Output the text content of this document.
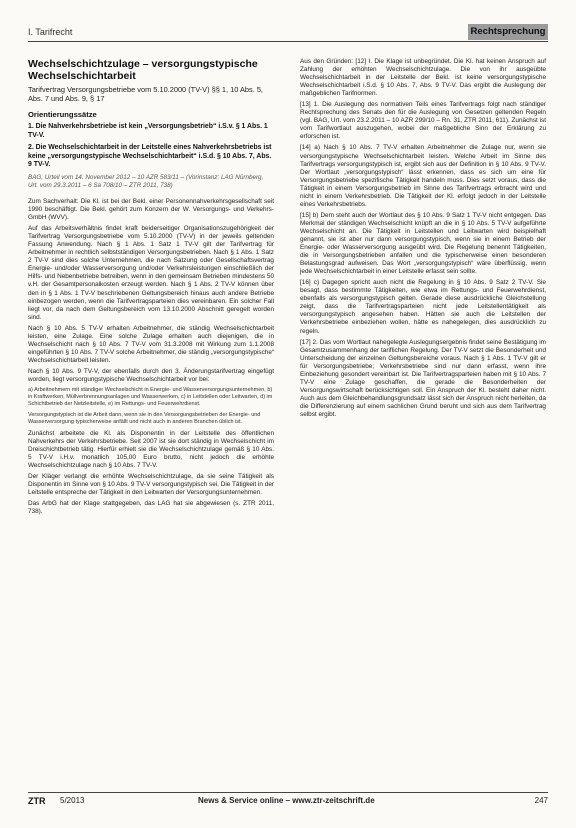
I. Tarifrecht	Rechtsprechung
Wechselschichtzulage – versorgungstypische Wechselschichtarbeit
Tarifvertrag Versorgungsbetriebe vom 5.10.2000 (TV-V) §§ 1, 10 Abs. 5, Abs. 7 und Abs. 9, § 17
Orientierungssätze
1. Die Nahverkehrsbetriebe ist kein „Versorgungsbetrieb“ i.S.v. § 1 Abs. 1 TV-V.
2. Die Wechselschichtarbeit in der Leitstelle eines Nahverkehrsbetriebs ist keine „versorgungstypische Wechselschichtarbeit“ i.S.d. § 10 Abs. 7, Abs. 9 TV-V.
BAG, Urteil vom 14. November 2012 – 10 AZR 583/11 – (Vorinstanz: LAG Nürnberg, Urt. vom 29.3.2011 – 6 Sa 708/10 – ZTR 2011, 738)

Zum Sachverhalt: Die Kl. ist bei der Bekl. einer Personennahverkehrsgesellschaft seit 1990 beschäftigt. Die Bekl. gehört zum Konzern der W. Versorgungs- und Verkehrs-GmbH (WVV).

Auf das Arbeitsverhältnis findet kraft beiderseitiger Organisationszugehörigkeit der Tarifvertrag Versorgungsbetriebe vom 5.10.2000 (TV-V) in der jeweils geltenden Fassung Anwendung. Nach § 1 Abs. 1 Satz 1 TV-V gilt der Tarifvertrag für Arbeitnehmer in rechtlich selbstständigen Versorgungsbetrieben. Nach § 1 Abs. 1 Satz 2 TV-V sind dies solche Unternehmen, die nach Satzung oder Gesellschaftsvertrag Energie- und/oder Wasserversorgung und/oder Verkehrsleistungen einschließlich der Hilfs- und Nebenbetriebe betreiben, wenn in den gemeinsam Betrieben mindestens 50 v.H. der Gesamtpersonalkosten erzeugt werden. Nach § 1 Abs. 2 TV-V können über den in § 1 Abs. 1 TV-V beschriebenen Geltungsbereich hinaus auch andere Betriebe einbezogen werden, wenn die Tarifvertragsparteien dies vereinbaren. Ein solcher Fall liegt vor, da nach dem Geltungsbereich vom 13.10.2000 Abschnitt geregelt worden sind.

Nach § 10 Abs. 5 TV-V erhalten Arbeitnehmer, die ständig Wechselschichtarbeit leisten, eine Zulage. Eine solche Zulage erhalten auch diejenigen, die in Wechselschicht nach § 10 Abs. 7 TV-V vom 31.3.2008 mit Wirkung zum 1.1.2008 eingeführten § 10 Abs. 7 TV-V solche Arbeitnehmer, die ständig „versorgungstypische“ Wechselschichtarbeit leisten.

Nach § 10 Abs. 9 TV-V, der ebenfalls durch den 3. Änderungstarifvertrag eingefügt worden, liegt versorgungstypische Wechselschichtarbeit vor bei:

a) Arbeitnehmern mit ständiger Wechselschicht in Energie- und Wasserversorgungsunternehmen, b) in Kraftwerken, Müllverbrennungsanlagen und Wasserwerken, c) in Leitstellen oder Leitwarten, d) im Schichtbetrieb der Netzleitstelle, e) im Rettungs- und Feuerwehrdienst.
Versorgungstypisch ist die Arbeit dann, wenn sie in den Versorgungsbetrieben der Energie- und Wasserversorgung typischerweise anfällt und nicht auch in anderen Branchen üblich ist.

Zunächst arbeitete die Kl. als Disponentin in der Leitstelle des öffentlichen Nahverkehrs der Verkehrsbetriebe. Seit 2007 ist sie dort ständig in Wechselschicht im Dreischichtbetrieb tätig. Hierfür erhielt sie die Wechselschichtzulage gemäß § 10 Abs. 5 TV-V i.H.v. monatlich 105,00 Euro brutto, nicht jedoch die erhöhte Wechselschichtzulage nach § 10 Abs. 7 TV-V.

Der Kläger verlangt die erhöhte Wechselschichtzulage, da sie seine Tätigkeit als Disponentin im Sinne von § 10 Abs. 9 TV-V versorgungstypisch sei. Die Tätigkeit in der Leitstelle entspreche der Tätigkeit in den Leitwarten der Versorgungsunternehmen.

Das ArbG hat der Klage stattgegeben, das LAG hat sie abgewiesen (s. ZTR 2011, 738).

Aus den Gründen: [12] I. Die Klage ist unbegründet. Die Kl. hat keinen Anspruch auf Zahlung der erhöhten Wechselschichtzulage. Die von ihr ausgeübte Wechselschichtarbeit in der Leitstelle der Bekl. ist keine versorgungstypische Wechselschichtarbeit i.S.d. § 10 Abs. 7, Abs. 9 TV-V. Das ergibt die Auslegung der maßgeblichen Tarifnormen.

[13] 1. Die Auslegung des normativen Teils eines Tarifvertrags folgt nach ständiger Rechtsprechung des Senats den für die Auslegung von Gesetzen geltenden Regeln (vgl. BAG, Urt. vom 23.2.2011 – 10 AZR 299/10 – Rn. 31, ZTR 2011, 611). Zunächst ist vom Tarifwortlaut auszugehen, wobei der maßgebliche Sinn der Erklärung zu erforschen ist.

[14] a) Nach § 10 Abs. 7 TV-V erhalten Arbeitnehmer die Zulage nur, wenn sie versorgungstypische Wechselschichtarbeit leisten. Welche Arbeit im Sinne des Tarifvertrags versorgungstypisch ist, ergibt sich aus der Definition in § 10 Abs. 9 TV-V. Der Wortlaut „versorgungstypisch“ lässt erkennen, dass es sich um eine für Versorgungsbetriebe spezifische Tätigkeit handeln muss. Dies setzt voraus, dass die Tätigkeit in einem Versorgungsbetrieb im Sinne des Tarifvertrags erbracht wird und nicht in einem Verkehrsbetrieb. Die Tätigkeit der Kl. erfolgt jedoch in der Leitstelle eines Verkehrsbetriebs.

[15] b) Dem steht auch der Wortlaut des § 10 Abs. 9 Satz 1 TV-V nicht entgegen. Das Merkmal der ständigen Wechselschicht knüpft an die in § 10 Abs. 5 TV-V aufgeführte Wechselschicht an. Die Tätigkeit in Leitstellen und Leitwarten wird beispielhaft genannt, sie ist aber nur dann versorgungstypisch, wenn sie in einem Betrieb der Energie- oder Wasserversorgung ausgeübt wird. Die Regelung benennt Tätigkeiten, die in Versorgungsbetrieben anfallen und die typischerweise einen besonderen Belastungsgrad aufweisen. Das Wort „versorgungstypisch“ wäre überflüssig, wenn jede Wechselschichtarbeit in einer Leitstelle erfasst sein sollte.

[16] c) Dagegen spricht auch nicht die Regelung in § 10 Abs. 9 Satz 2 TV-V. Sie besagt, dass bestimmte Tätigkeiten, wie etwa im Rettungs- und Feuerwehrdienst, ebenfalls als versorgungstypisch gelten. Gerade diese ausdrückliche Gleichstellung zeigt, dass die Tarifvertragsparteien nicht jede Leitstellentätigkeit als versorgungstypisch angesehen haben. Hätten sie auch die Leitstellen der Verkehrsbetriebe einbeziehen wollen, hätte es nahegelegen, dies ausdrücklich zu regeln.

[17] 2. Das vom Wortlaut nahegelegte Auslegungsergebnis findet seine Bestätigung im Gesamtzusammenhang der tariflichen Regelung. Der TV-V setzt die Besonderheit und Unterscheidung der einzelnen Geltungsbereiche voraus. Nach § 1 Abs. 1 TV-V gilt er für Versorgungsbetriebe; Verkehrsbetriebe sind nur dann erfasst, wenn ihre Einbeziehung gesondert vereinbart ist. Die Tarifvertragsparteien haben mit § 10 Abs. 7 TV-V eine Zulage geschaffen, die gerade die Besonderheiten der Versorgungswirtschaft berücksichtigen soll. Ein Anspruch der Kl. besteht daher nicht. Auch aus dem Gleichbehandlungsgrundsatz lässt sich der Anspruch nicht herleiten, da die Differenzierung auf einem sachlichen Grund beruht und sich aus dem Tarifvertrag selbst ergibt.

ZTR 5/2013	News & Service online – www.ztr-zeitschrift.de	247
